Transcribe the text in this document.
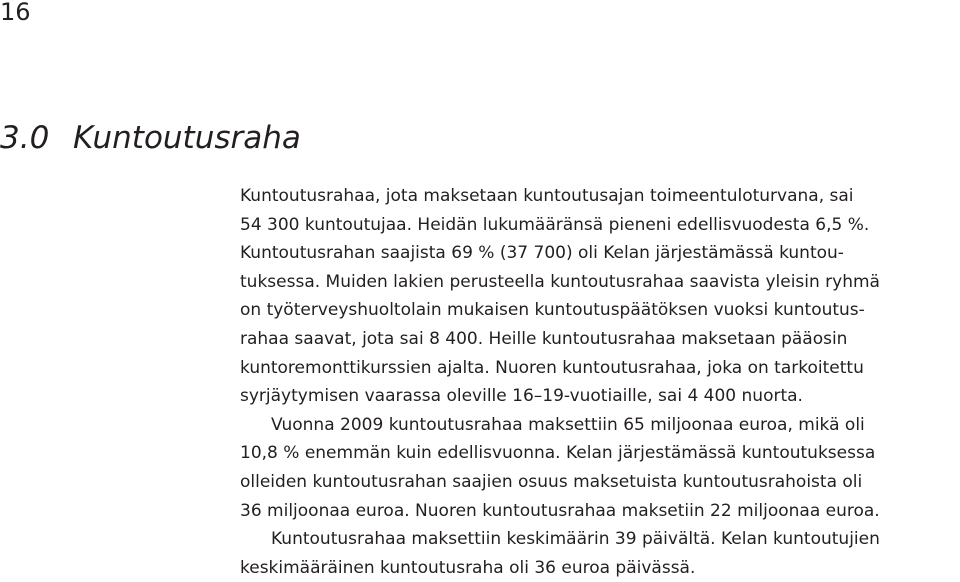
16
3.0 Kuntoutusraha
Kuntoutusrahaa, jota maksetaan kuntoutusajan toimeentuloturvana, sai
54 300 kuntoutujaa. Heidän lukumääränsä pieneni edellisvuodesta 6,5 %.
Kuntoutusrahan saajista 69 % (37 700) oli Kelan järjestämässä kuntou-
tuksessa. Muiden lakien perusteella kuntoutusrahaa saavista yleisin ryhmä
on työterveyshuoltolain mukaisen kuntoutuspäätöksen vuoksi kuntoutus-
rahaa saavat, jota sai 8 400. Heille kuntoutusrahaa maksetaan pääosin
kuntoremonttikurssien ajalta. Nuoren kuntoutusrahaa, joka on tarkoitettu
syrjäytymisen vaarassa oleville 16–19-vuotiaille, sai 4 400 nuorta.
Vuonna 2009 kuntoutusrahaa maksettiin 65 miljoonaa euroa, mikä oli
10,8 % enemmän kuin edellisvuonna. Kelan järjestämässä kuntoutuksessa
olleiden kuntoutusrahan saajien osuus maksetuista kuntoutusrahoista oli
36 miljoonaa euroa. Nuoren kuntoutusrahaa maksetiin 22 miljoonaa euroa.
Kuntoutusrahaa maksettiin keskimäärin 39 päivältä. Kelan kuntoutujien
keskimääräinen kuntoutusraha oli 36 euroa päivässä.
